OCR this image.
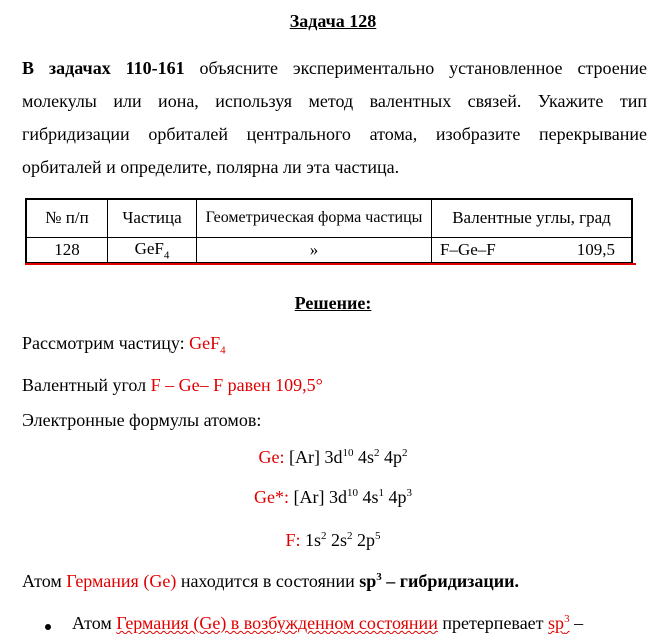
Задача 128
В задачах 110-161 объясните экспериментально установленное строение молекулы или иона, используя метод валентных связей. Укажите тип гибридизации орбиталей центрального атома, изобразите перекрывание орбиталей и определите, полярна ли эта частица.
№ п/п	Частица	Геометрическая форма частицы	Валентные углы, град
128	GeF$_4$	»	F–Ge–F 109,5
Решение:
Рассмотрим частицу: GeF$_4$
Валентный угол F – Ge– F равен 109,5°
Электронные формулы атомов:
Ge: [Ar] $3d^{10}$ $4s^2$ $4p^2$
Ge*: [Ar] $3d^{10}$ $4s^1$ $4p^3$
F: $1s^2$ $2s^2$ $2p^5$
Атом Германия (Ge) находится в состоянии $sp^3$ – гибридизации.
Атом Германия (Ge) в возбужденном состоянии претерпевает $sp^3$ –
